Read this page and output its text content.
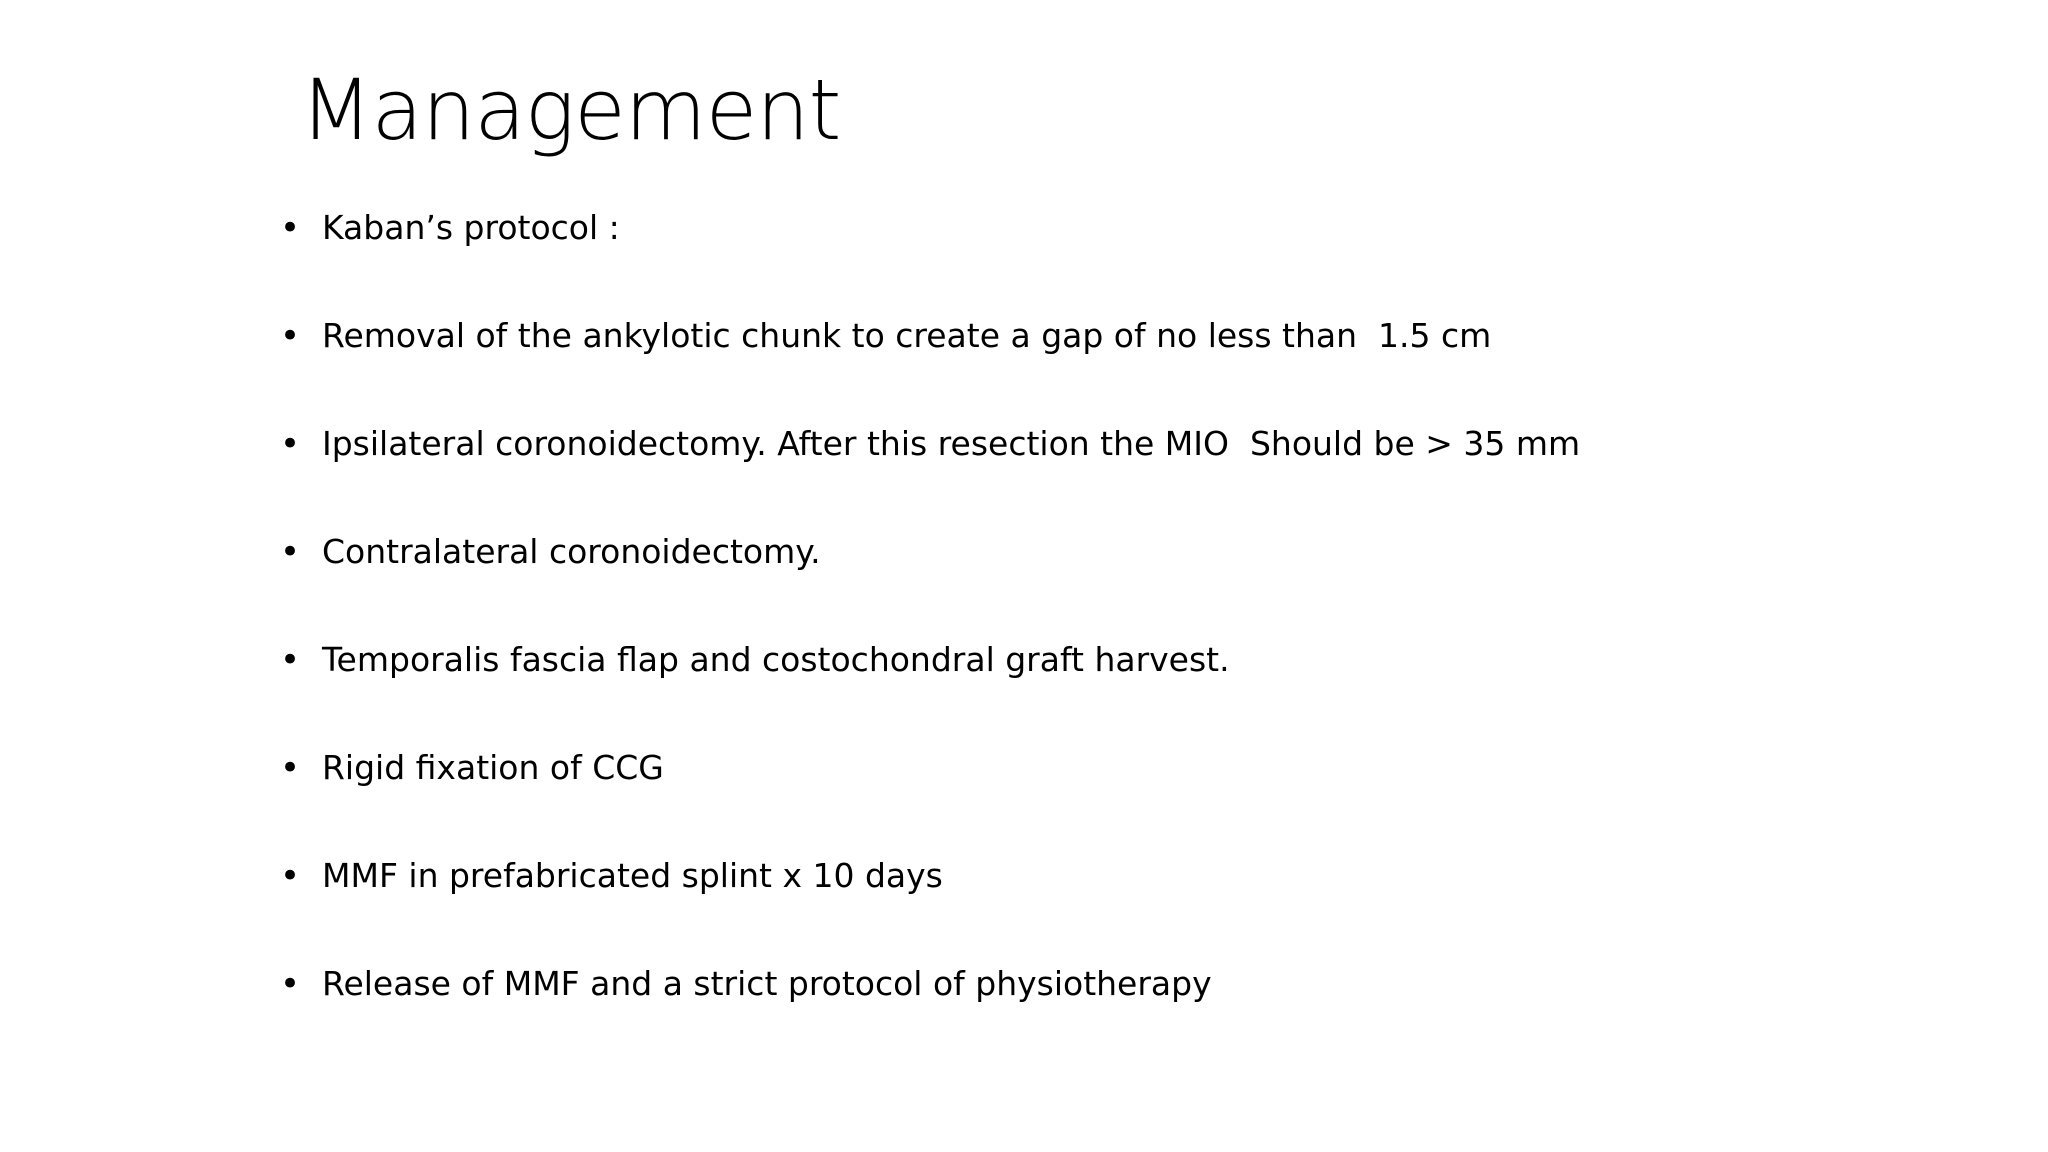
Management
• Kaban’s protocol :
• Removal of the ankylotic chunk to create a gap of no less than  1.5 cm
• Ipsilateral coronoidectomy. After this resection the MIO  Should be > 35 mm
• Contralateral coronoidectomy.
• Temporalis fascia flap and costochondral graft harvest.
• Rigid fixation of CCG
• MMF in prefabricated splint x 10 days
• Release of MMF and a strict protocol of physiotherapy
